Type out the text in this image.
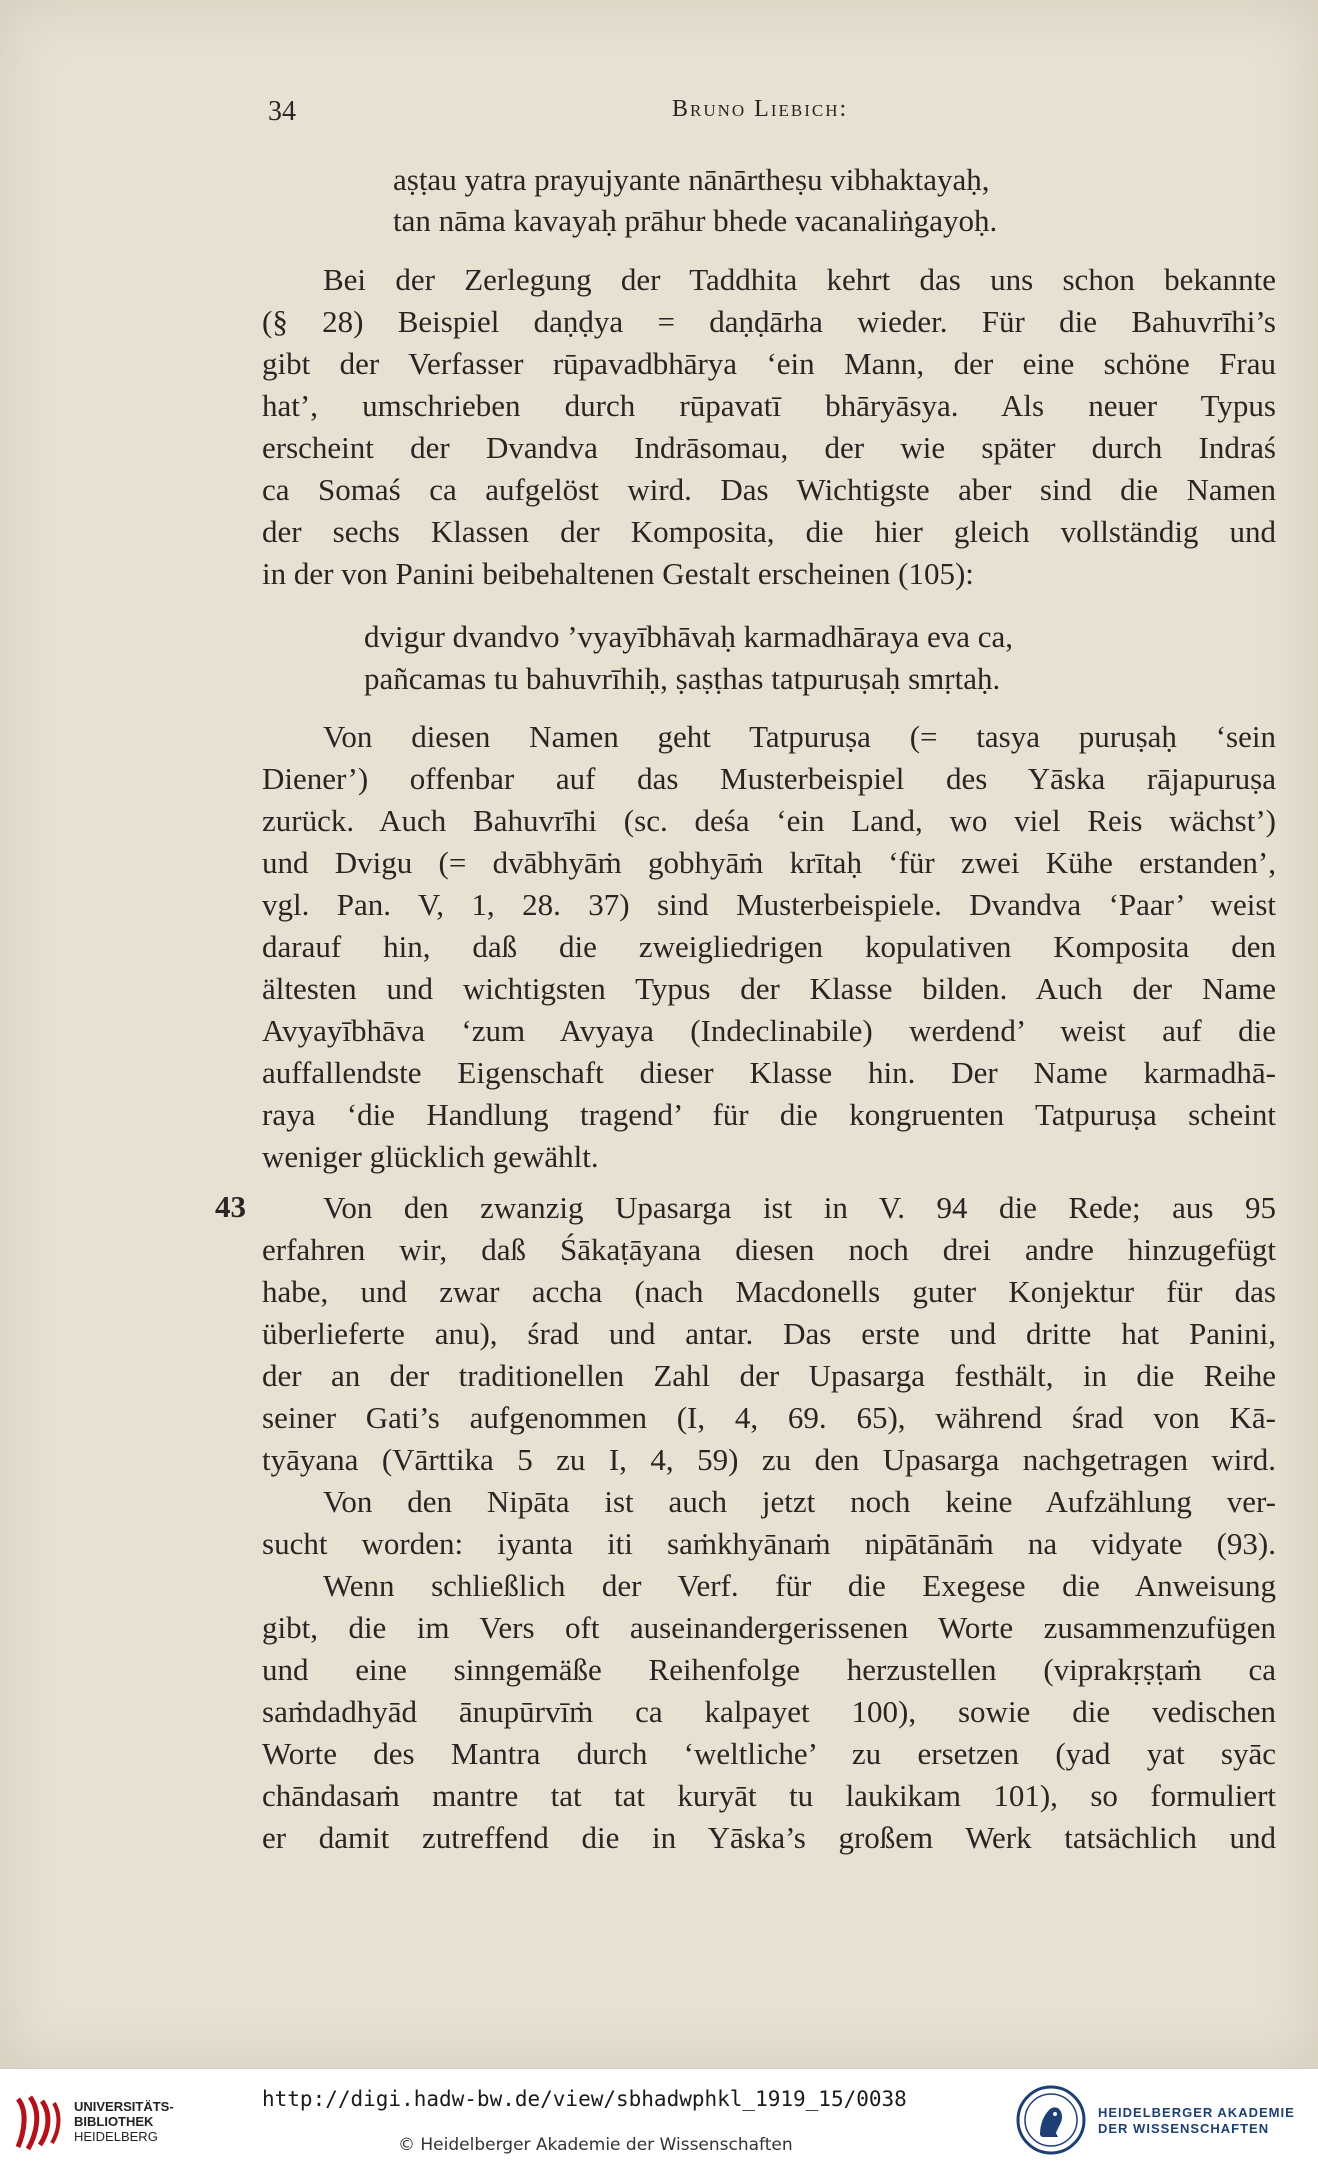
34	Bruno Liebich:
aṣṭau yatra prayujyante nānārtheṣu vibhaktayaḥ,
tan nāma kavayaḥ prāhur bhede vacanaliṅgayoḥ.
Bei der Zerlegung der Taddhita kehrt das uns schon bekannte
(§ 28) Beispiel daṇḍya = daṇḍārha wieder. Für die Bahuvrīhi’s
gibt der Verfasser rūpavadbhārya ‘ein Mann, der eine schöne Frau
hat’, umschrieben durch rūpavatī bhāryāsya. Als neuer Typus
erscheint der Dvandva Indrāsomau, der wie später durch Indraś
ca Somaś ca aufgelöst wird. Das Wichtigste aber sind die Namen
der sechs Klassen der Komposita, die hier gleich vollständig und
in der von Panini beibehaltenen Gestalt erscheinen (105):
dvigur dvandvo ’vyayībhāvaḥ karmadhāraya eva ca,
pañcamas tu bahuvrīhiḥ, ṣaṣṭhas tatpuruṣaḥ smṛtaḥ.
Von diesen Namen geht Tatpuruṣa (= tasya puruṣaḥ ‘sein
Diener’) offenbar auf das Musterbeispiel des Yāska rājapuruṣa
zurück. Auch Bahuvrīhi (sc. deśa ‘ein Land, wo viel Reis wächst’)
und Dvigu (= dvābhyāṁ gobhyāṁ krītaḥ ‘für zwei Kühe erstanden’,
vgl. Pan. V, 1, 28. 37) sind Musterbeispiele. Dvandva ‘Paar’ weist
darauf hin, daß die zweigliedrigen kopulativen Komposita den
ältesten und wichtigsten Typus der Klasse bilden. Auch der Name
Avyayībhāva ‘zum Avyaya (Indeclinabile) werdend’ weist auf die
auffallendste Eigenschaft dieser Klasse hin. Der Name karmadhā-
raya ‘die Handlung tragend’ für die kongruenten Tatpuruṣa scheint
weniger glücklich gewählt.
43 Von den zwanzig Upasarga ist in V. 94 die Rede; aus 95
erfahren wir, daß Śākaṭāyana diesen noch drei andre hinzugefügt
habe, und zwar accha (nach Macdonells guter Konjektur für das
überlieferte anu), śrad und antar. Das erste und dritte hat Panini,
der an der traditionellen Zahl der Upasarga festhält, in die Reihe
seiner Gati’s aufgenommen (I, 4, 69. 65), während śrad von Kā-
tyāyana (Vārttika 5 zu I, 4, 59) zu den Upasarga nachgetragen wird.
Von den Nipāta ist auch jetzt noch keine Aufzählung ver-
sucht worden: iyanta iti saṁkhyānaṁ nipātānāṁ na vidyate (93).
Wenn schließlich der Verf. für die Exegese die Anweisung
gibt, die im Vers oft auseinandergerissenen Worte zusammenzufügen
und eine sinngemäße Reihenfolge herzustellen (viprakṛṣṭaṁ ca
saṁdadhyād ānupūrvīṁ ca kalpayet 100), sowie die vedischen
Worte des Mantra durch ‘weltliche’ zu ersetzen (yad yat syāc
chāndasaṁ mantre tat tat kuryāt tu laukikam 101), so formuliert
er damit zutreffend die in Yāska’s großem Werk tatsächlich und
UNIVERSITÄTS-
BIBLIOTHEK
HEIDELBERG
http://digi.hadw-bw.de/view/sbhadwphkl_1919_15/0038
© Heidelberger Akademie der Wissenschaften
HEIDELBERGER AKADEMIE
DER WISSENSCHAFTEN
